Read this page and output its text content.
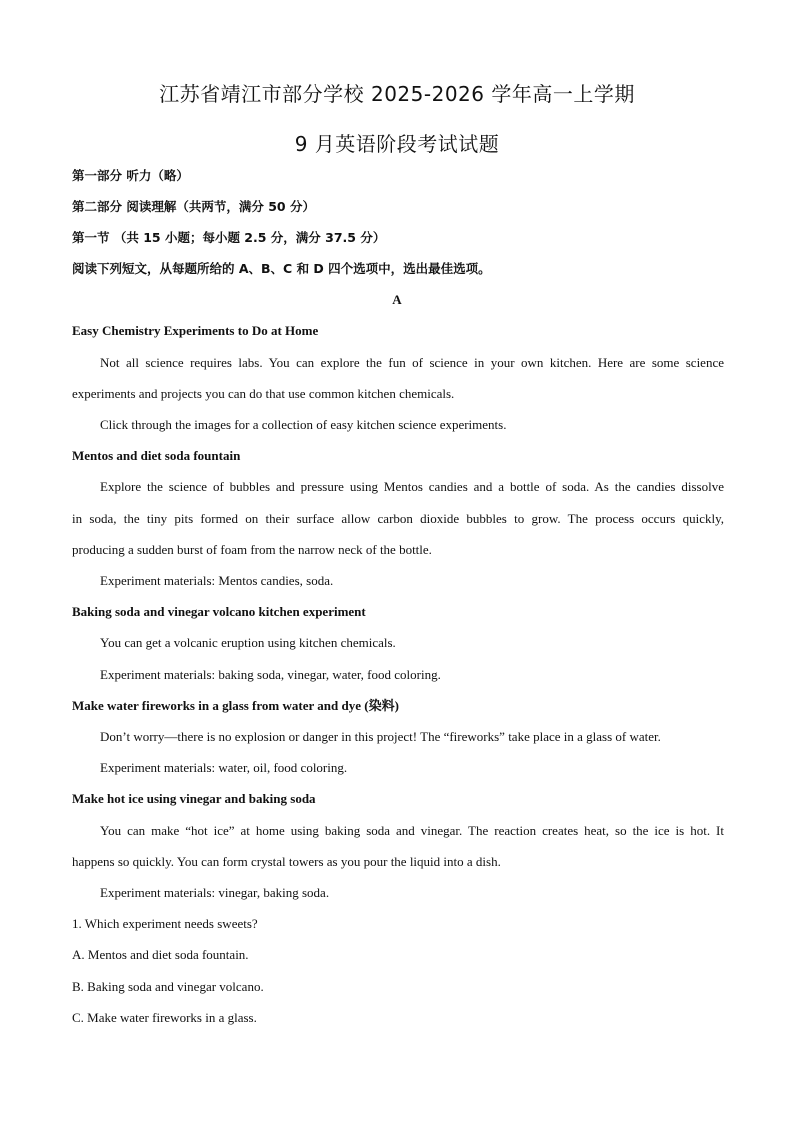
江苏省靖江市部分学校 2025-2026 学年高一上学期
9 月英语阶段考试试题
第一部分 听力（略）
第二部分 阅读理解（共两节，满分 50 分）
第一节 （共 15 小题；每小题 2.5 分，满分 37.5 分）
阅读下列短文，从每题所给的 A、B、C 和 D 四个选项中，选出最佳选项。
A
Easy Chemistry Experiments to Do at Home
Not all science requires labs. You can explore the fun of science in your own kitchen. Here are some science
experiments and projects you can do that use common kitchen chemicals.
Click through the images for a collection of easy kitchen science experiments.
Mentos and diet soda fountain
Explore the science of bubbles and pressure using Mentos candies and a bottle of soda. As the candies dissolve
in soda, the tiny pits formed on their surface allow carbon dioxide bubbles to grow. The process occurs quickly,
producing a sudden burst of foam from the narrow neck of the bottle.
Experiment materials: Mentos candies, soda.
Baking soda and vinegar volcano kitchen experiment
You can get a volcanic eruption using kitchen chemicals.
Experiment materials: baking soda, vinegar, water, food coloring.
Make water fireworks in a glass from water and dye (染料)
Don’t worry—there is no explosion or danger in this project! The “fireworks” take place in a glass of water.
Experiment materials: water, oil, food coloring.
Make hot ice using vinegar and baking soda
You can make “hot ice” at home using baking soda and vinegar. The reaction creates heat, so the ice is hot. It
happens so quickly. You can form crystal towers as you pour the liquid into a dish.
Experiment materials: vinegar, baking soda.
1. Which experiment needs sweets?
A. Mentos and diet soda fountain.
B. Baking soda and vinegar volcano.
C. Make water fireworks in a glass.
